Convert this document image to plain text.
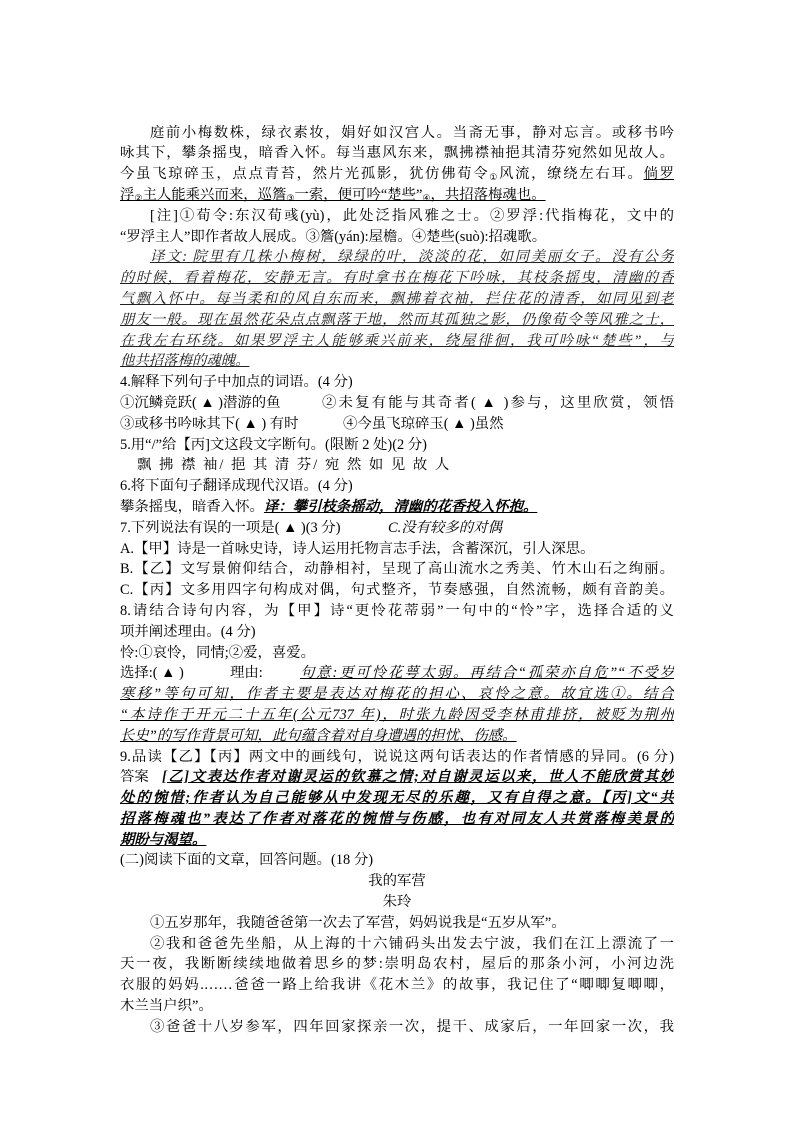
庭前小梅数株，绿衣素妆，娟好如汉宫人。当斋无事，静对忘言。或移书吟
咏其下，攀条摇曳，暗香入怀。每当惠风东来，飘拂襟袖挹其清芬宛然如见故人。
今虽飞琼碎玉，点点青苔，然片光孤影，犹仿佛荀令①风流，缭绕左右耳。倘罗
浮②主人能乘兴而来，巡簷③一索，便可吟“楚些”④，共招落梅魂也。
[注]①荀令:东汉荀彧(yù)，此处泛指风雅之士。②罗浮:代指梅花，文中的
“罗浮主人”即作者故人展成。③簷(yán):屋檐。④楚些(suò):招魂歌。
译文: 院里有几株小梅树，绿绿的叶，淡淡的花，如同美丽女子。没有公务
的时候，看着梅花，安静无言。有时拿书在梅花下吟咏，其枝条摇曳，清幽的香
气飘入怀中。每当柔和的风自东而来，飘拂着衣袖，拦住花的清香，如同见到老
朋友一般。现在虽然花朵点点飘落于地，然而其孤独之影，仍像荀令等风雅之士，
在我左右环绕。如果罗浮主人能够乘兴前来，绕屋徘徊，我可吟咏“楚些”，与
他共招落梅的魂魄。
4.解释下列句子中加点的词语。(4 分)
①沉鳞竞跃( ▲ )潜游的鱼	②未复有能与其奇者( ▲ )参与，这里欣赏，领悟
③或移书吟咏其下( ▲ ) 有时	④今虽飞琼碎玉( ▲ )虽然
5.用“/”给【丙]文这段文字断句。(限断 2 处)(2 分)
飘 拂 襟 袖/ 挹 其 清 芬/ 宛 然 如 见 故 人
6.将下面句子翻译成现代汉语。(4 分)
攀条摇曳，暗香入怀。译：攀引枝条摇动，清幽的花香投入怀抱。
7.下列说法有误的一项是( ▲ )(3 分)	C.没有较多的对偶
A.【甲】诗是一首咏史诗，诗人运用托物言志手法，含蓄深沉，引人深思。
B.【乙】文写景俯仰结合，动静相衬，呈现了高山流水之秀美、竹木山石之绚丽。
C.【丙】文多用四字句构成对偶，句式整齐，节奏感强，自然流畅，颇有音韵美。
8.请结合诗句内容，为【甲】诗“更怜花蒂弱”一句中的“怜”字，选择合适的义
项并阐述理由。(4 分)
怜:①哀怜，同情;②爱，喜爱。
选择:( ▲ )	理由:	句意:更可怜花萼太弱。再结合“孤荣亦自危”“不受岁
寒移”等句可知，作者主要是表达对梅花的担心、哀怜之意。故宜选①。结合
“本诗作于开元二十五年(公元737 年)，时张九龄因受李林甫排挤，被贬为荆州
长史”的写作背景可知，此句蕴含着对自身遭遇的担忧、伤感。
9.品读【乙】【丙】两文中的画线句，说说这两句话表达的作者情感的异同。(6 分)
答案 [乙]文表达作者对谢灵运的钦慕之情;对自谢灵运以来，世人不能欣赏其妙
处的惋惜;作者认为自己能够从中发现无尽的乐趣，又有自得之意。【丙]文“共
招落梅魂也”表达了作者对落花的惋惜与伤感，也有对同友人共赏落梅美景的
期盼与渴望。
(二)阅读下面的文章，回答问题。(18 分)
我的军营
朱玲
①五岁那年，我随爸爸第一次去了军营，妈妈说我是“五岁从军”。
②我和爸爸先坐船，从上海的十六铺码头出发去宁波，我们在江上漂流了一
天一夜，我断断续续地做着思乡的梦:崇明岛农村，屋后的那条小河，小河边洗
衣服的妈妈.……爸爸一路上给我讲《花木兰》的故事，我记住了“唧唧复唧唧，
木兰当户织”。
③爸爸十八岁参军，四年回家探亲一次，提干、成家后，一年回家一次，我
